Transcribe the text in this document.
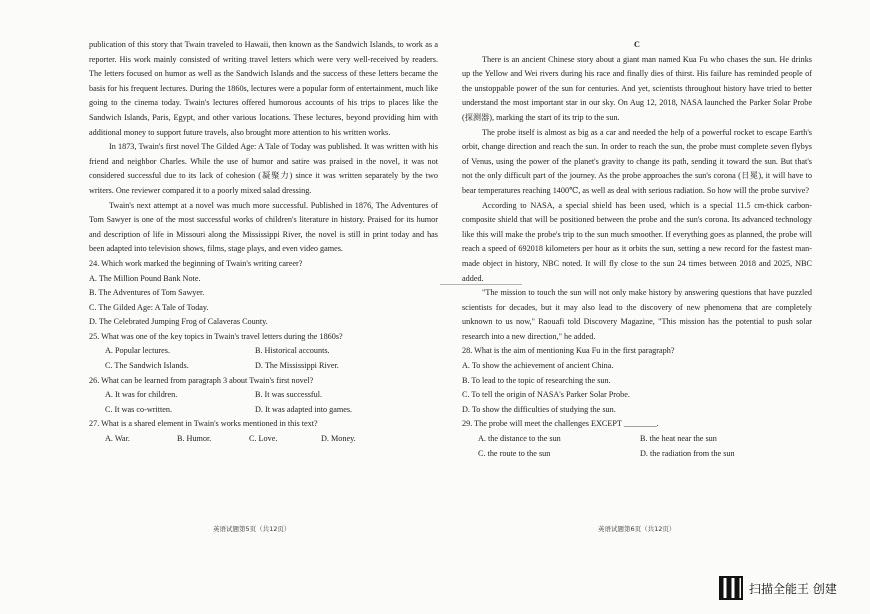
publication of this story that Twain traveled to Hawaii, then known as the Sandwich Islands, to work as a reporter. His work mainly consisted of writing travel letters which were very well-received by readers. The letters focused on humor as well as the Sandwich Islands and the success of these letters became the basis for his frequent lectures. During the 1860s, lectures were a popular form of entertainment, much like going to the cinema today. Twain's lectures offered humorous accounts of his trips to places like the Sandwich Islands, Paris, Egypt, and other various locations. These lectures, beyond providing him with additional money to support future travels, also brought more attention to his written works.

In 1873, Twain's first novel The Gilded Age: A Tale of Today was published. It was written with his friend and neighbor Charles. While the use of humor and satire was praised in the novel, it was not considered successful due to its lack of cohesion (凝聚力) since it was written separately by the two writers. One reviewer compared it to a poorly mixed salad dressing.

Twain's next attempt at a novel was much more successful. Published in 1876, The Adventures of Tom Sawyer is one of the most successful works of children's literature in history. Praised for its humor and description of life in Missouri along the Mississippi River, the novel is still in print today and has been adapted into television shows, films, stage plays, and even video games.

24. Which work marked the beginning of Twain's writing career?

A. The Million Pound Bank Note.

B. The Adventures of Tom Sawyer.

C. The Gilded Age: A Tale of Today.

D. The Celebrated Jumping Frog of Calaveras County.

25. What was one of the key topics in Twain's travel letters during the 1860s?

A. Popular lectures.	B. Historical accounts.
C. The Sandwich Islands.	D. The Mississippi River.

26. What can be learned from paragraph 3 about Twain's first novel?

A. It was for children.	B. It was successful.
C. It was co-written.	D. It was adapted into games.

27. What is a shared element in Twain's works mentioned in this text?

A. War.	B. Humor.	C. Love.	D. Money.

C

There is an ancient Chinese story about a giant man named Kua Fu who chases the sun. He drinks up the Yellow and Wei rivers during his race and finally dies of thirst. His failure has reminded people of the unstoppable power of the sun for centuries. And yet, scientists throughout history have tried to better understand the most important star in our sky. On Aug 12, 2018, NASA launched the Parker Solar Probe (探测器), marking the start of its trip to the sun.

The probe itself is almost as big as a car and needed the help of a powerful rocket to escape Earth's orbit, change direction and reach the sun. In order to reach the sun, the probe must complete seven flybys of Venus, using the power of the planet's gravity to change its path, sending it toward the sun. But that's not the only difficult part of the journey. As the probe approaches the sun's corona (日冕), it will have to bear temperatures reaching 1400℃, as well as deal with serious radiation. So how will the probe survive?

According to NASA, a special shield has been used, which is a special 11.5 cm-thick carbon-composite shield that will be positioned between the probe and the sun's corona. Its advanced technology like this will make the probe's trip to the sun much smoother. If everything goes as planned, the probe will reach a speed of 692018 kilometers per hour as it orbits the sun, setting a new record for the fastest man-made object in history, NBC noted. It will fly close to the sun 24 times between 2018 and 2025, NBC added.

"The mission to touch the sun will not only make history by answering questions that have puzzled scientists for decades, but it may also lead to the discovery of new phenomena that are completely unknown to us now," Raouafi told Discovery Magazine, "This mission has the potential to push solar research into a new direction," he added.

28. What is the aim of mentioning Kua Fu in the first paragraph?

A. To show the achievement of ancient China.

B. To lead to the topic of researching the sun.

C. To tell the origin of NASA's Parker Solar Probe.

D. To show the difficulties of studying the sun.

29. The probe will meet the challenges EXCEPT ________.

A. the distance to the sun	B. the heat near the sun
C. the route to the sun	D. the radiation from the sun
英语试题第5页（共12页）	英语试题第6页（共12页）
扫描全能王 创建
